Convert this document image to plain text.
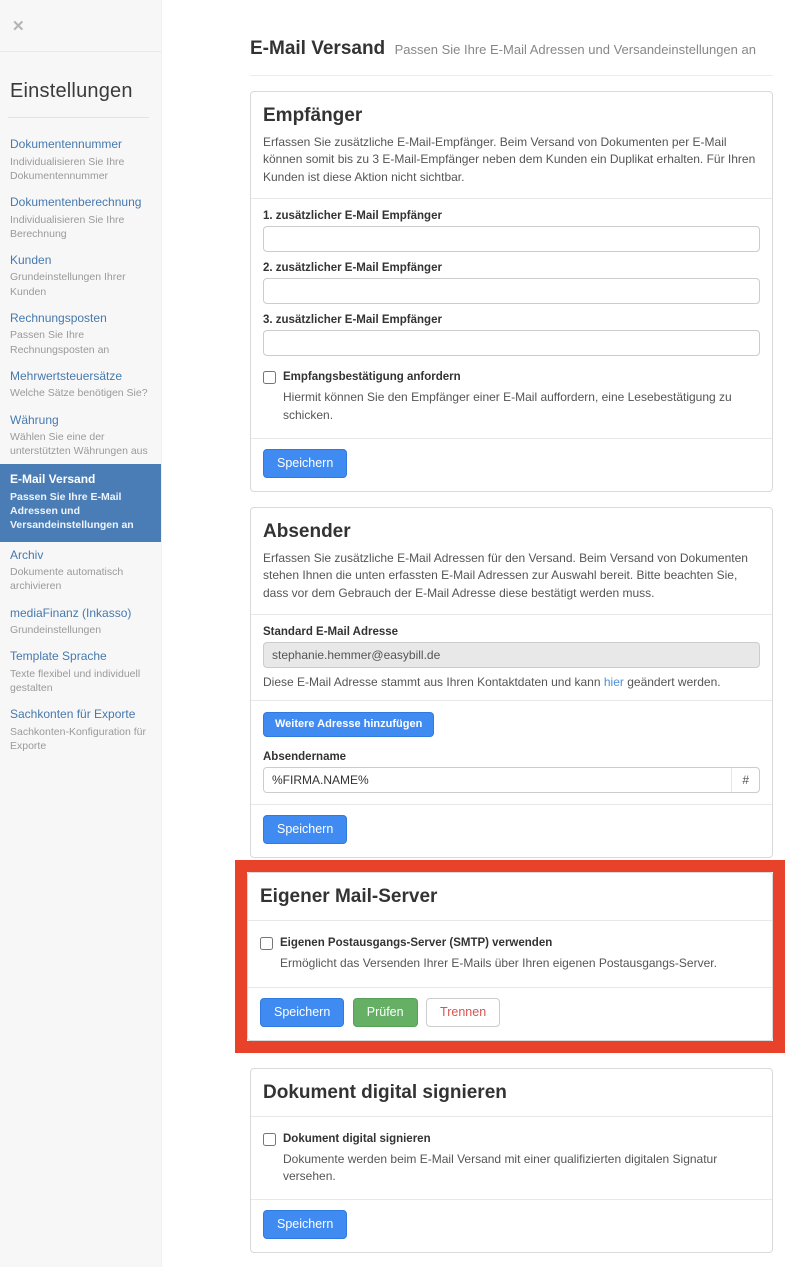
✕
Einstellungen
Dokumentennummer
Individualisieren Sie Ihre Dokumentennummer
Dokumentenberechnung
Individualisieren Sie Ihre Berechnung
Kunden
Grundeinstellungen Ihrer Kunden
Rechnungsposten
Passen Sie Ihre Rechnungsposten an
Mehrwertsteuersätze
Welche Sätze benötigen Sie?
Währung
Wählen Sie eine der unterstützten Währungen aus
E-Mail Versand
Passen Sie Ihre E-Mail Adressen und Versandeinstellungen an
Archiv
Dokumente automatisch archivieren
mediaFinanz (Inkasso)
Grundeinstellungen
Template Sprache
Texte flexibel und individuell gestalten
Sachkonten für Exporte
Sachkonten-Konfiguration für Exporte
E-Mail Versand Passen Sie Ihre E-Mail Adressen und Versandeinstellungen an
Empfänger
Erfassen Sie zusätzliche E-Mail-Empfänger. Beim Versand von Dokumenten per E-Mail können somit bis zu 3 E-Mail-Empfänger neben dem Kunden ein Duplikat erhalten. Für Ihren Kunden ist diese Aktion nicht sichtbar.
1. zusätzlicher E-Mail Empfänger
2. zusätzlicher E-Mail Empfänger
3. zusätzlicher E-Mail Empfänger
Empfangsbestätigung anfordern
Hiermit können Sie den Empfänger einer E-Mail auffordern, eine Lesebestätigung zu schicken.
Speichern
Absender
Erfassen Sie zusätzliche E-Mail Adressen für den Versand. Beim Versand von Dokumenten stehen Ihnen die unten erfassten E-Mail Adressen zur Auswahl bereit. Bitte beachten Sie, dass vor dem Gebrauch der E-Mail Adresse diese bestätigt werden muss.
Standard E-Mail Adresse
stephanie.hemmer@easybill.de
Diese E-Mail Adresse stammt aus Ihren Kontaktdaten und kann hier geändert werden.
Weitere Adresse hinzufügen
Absendername
%FIRMA.NAME%
#
Speichern
Eigener Mail-Server
Eigenen Postausgangs-Server (SMTP) verwenden
Ermöglicht das Versenden Ihrer E-Mails über Ihren eigenen Postausgangs-Server.
Speichern	Prüfen	Trennen
Dokument digital signieren
Dokument digital signieren
Dokumente werden beim E-Mail Versand mit einer qualifizierten digitalen Signatur versehen.
Speichern
